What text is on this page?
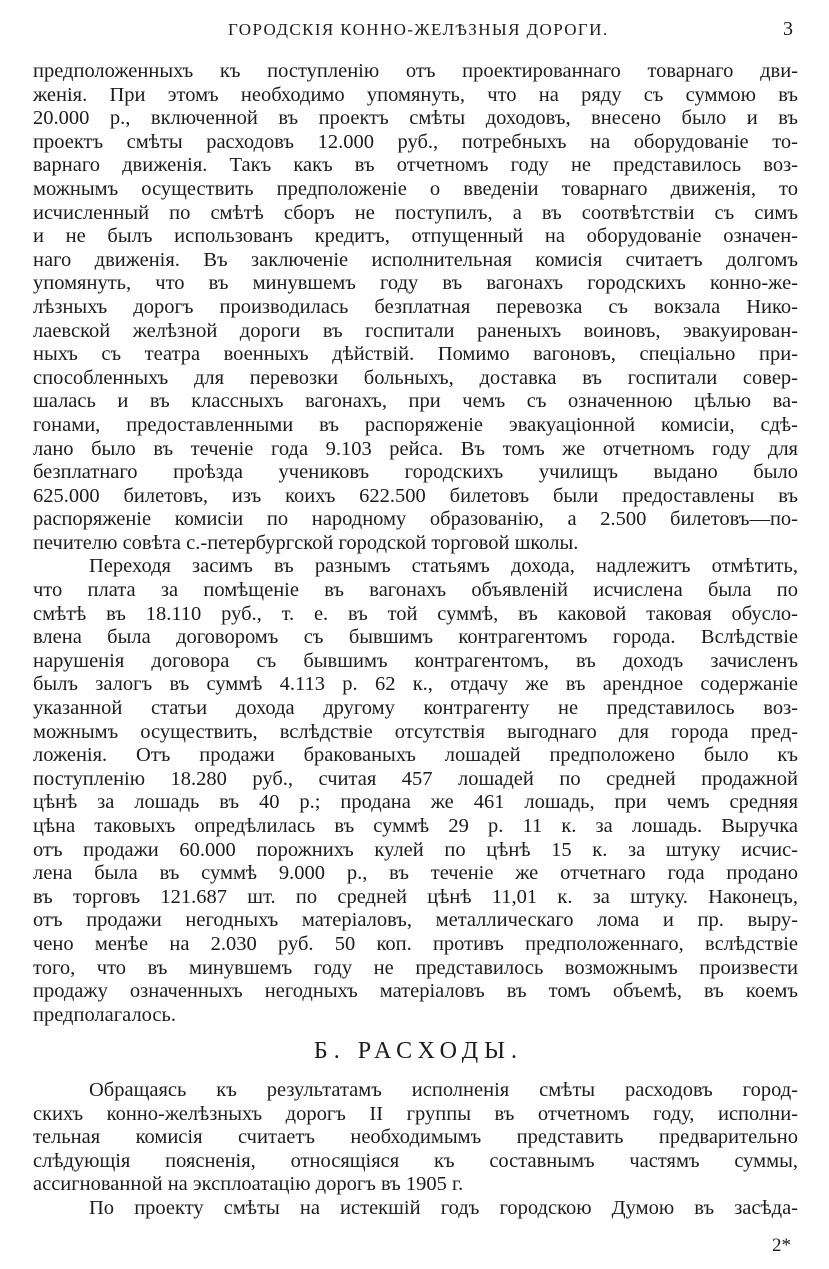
ГОРОДСКІЯ КОННО-ЖЕЛѢЗНЫЯ ДОРОГИ.	3
предположенныхъ къ поступленію отъ проектированнаго товарнаго дви-
женія. При этомъ необходимо упомянуть, что на ряду съ суммою въ
20.000 р., включенной въ проектъ смѣты доходовъ, внесено было и въ
проектъ смѣты расходовъ 12.000 руб., потребныхъ на оборудованіе то-
варнаго движенія. Такъ какъ въ отчетномъ году не представилось воз-
можнымъ осуществить предположеніе о введеніи товарнаго движенія, то
исчисленный по смѣтѣ сборъ не поступилъ, а въ соотвѣтствіи съ симъ
и не былъ использованъ кредитъ, отпущенный на оборудованіе означен-
наго движенія. Въ заключеніе исполнительная комисія считаетъ долгомъ
упомянуть, что въ минувшемъ году въ вагонахъ городскихъ конно-же-
лѣзныхъ дорогъ производилась безплатная перевозка съ вокзала Нико-
лаевской желѣзной дороги въ госпитали раненыхъ воиновъ, эвакуирован-
ныхъ съ театра военныхъ дѣйствій. Помимо вагоновъ, спеціально при-
способленныхъ для перевозки больныхъ, доставка въ госпитали совер-
шалась и въ классныхъ вагонахъ, при чемъ съ означенною цѣлью ва-
гонами, предоставленными въ распоряженіе эвакуаціонной комисіи, сдѣ-
лано было въ теченіе года 9.103 рейса. Въ томъ же отчетномъ году для
безплатнаго проѣзда учениковъ городскихъ училищъ выдано было
625.000 билетовъ, изъ коихъ 622.500 билетовъ были предоставлены въ
распоряженіе комисіи по народному образованію, а 2.500 билетовъ—по-
печителю совѣта с.-петербургской городской торговой школы.
Переходя засимъ въ разнымъ статьямъ дохода, надлежитъ отмѣтить,
что плата за помѣщеніе въ вагонахъ объявленій исчислена была по
смѣтѣ въ 18.110 руб., т. е. въ той суммѣ, въ каковой таковая обусло-
влена была договоромъ съ бывшимъ контрагентомъ города. Вслѣдствіе
нарушенія договора съ бывшимъ контрагентомъ, въ доходъ зачисленъ
былъ залогъ въ суммѣ 4.113 р. 62 к., отдачу же въ арендное содержаніе
указанной статьи дохода другому контрагенту не представилось воз-
можнымъ осуществить, вслѣдствіе отсутствія выгоднаго для города пред-
ложенія. Отъ продажи бракованыхъ лошадей предположено было къ
поступленію 18.280 руб., считая 457 лошадей по средней продажной
цѣнѣ за лошадь въ 40 р.; продана же 461 лошадь, при чемъ средняя
цѣна таковыхъ опредѣлилась въ суммѣ 29 р. 11 к. за лошадь. Выручка
отъ продажи 60.000 порожнихъ кулей по цѣнѣ 15 к. за штуку исчис-
лена была въ суммѣ 9.000 р., въ теченіе же отчетнаго года продано
въ торговъ 121.687 шт. по средней цѣнѣ 11,01 к. за штуку. Наконецъ,
отъ продажи негодныхъ матеріаловъ, металлическаго лома и пр. выру-
чено менѣе на 2.030 руб. 50 коп. противъ предположеннаго, вслѣдствіе
того, что въ минувшемъ году не представилось возможнымъ произвести
продажу означенныхъ негодныхъ матеріаловъ въ томъ объемѣ, въ коемъ
предполагалось.
Б. РАСХОДЫ.
Обращаясь къ результатамъ исполненія смѣты расходовъ город-
скихъ конно-желѣзныхъ дорогъ II группы въ отчетномъ году, исполни-
тельная комисія считаетъ необходимымъ представить предварительно
слѣдующія поясненія, относящіяся къ составнымъ частямъ суммы,
ассигнованной на эксплоатацію дорогъ въ 1905 г.
По проекту смѣты на истекшій годъ городскою Думою въ засѣда-
2*
